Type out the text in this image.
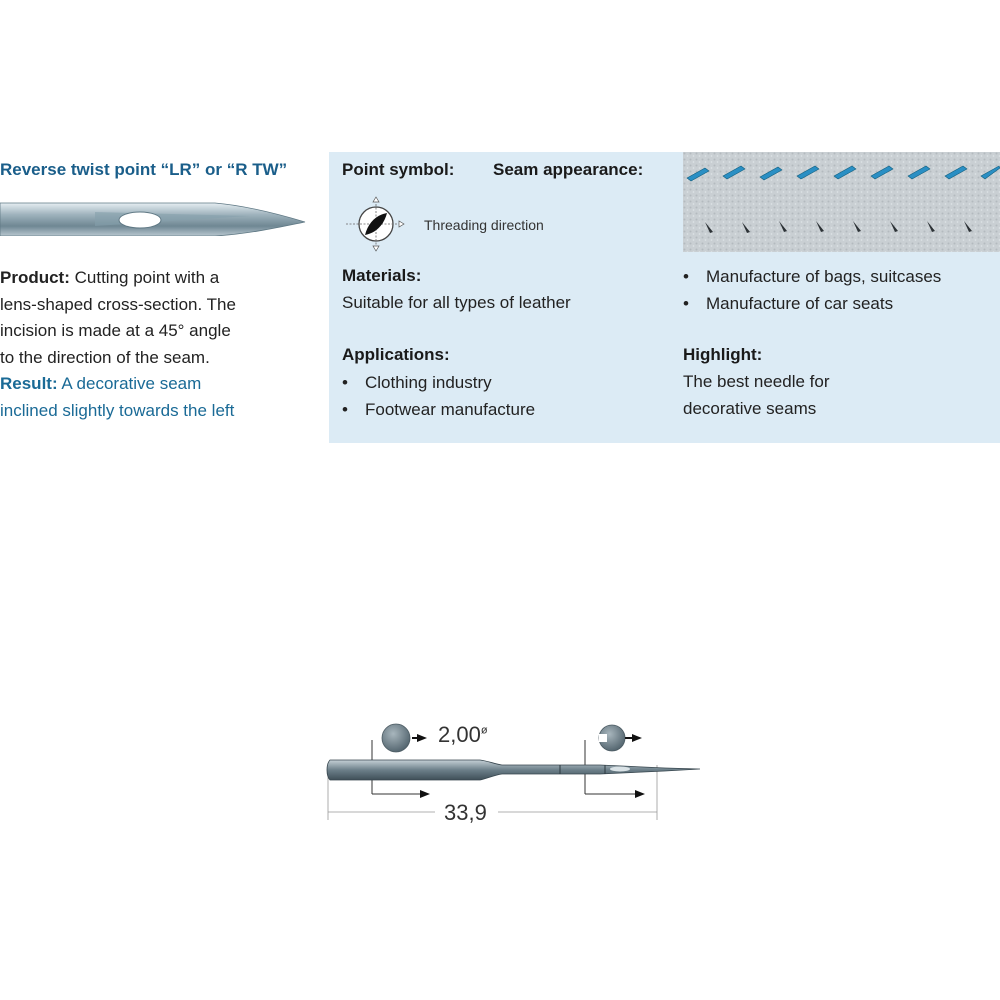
Reverse twist point “LR” or “R TW”
Product: Cutting point with a
lens-shaped cross-section. The
incision is made at a 45° angle
to the direction of the seam.
Result: A decorative seam
inclined slightly towards the left
Point symbol: Seam appearance:
Threading direction
Materials:
Suitable for all types of leather
Applications:
• Clothing industry
• Footwear manufacture
• Manufacture of bags, suitcases
• Manufacture of car seats
Highlight:
The best needle for
decorative seams
$2,00^ø$
33,9
